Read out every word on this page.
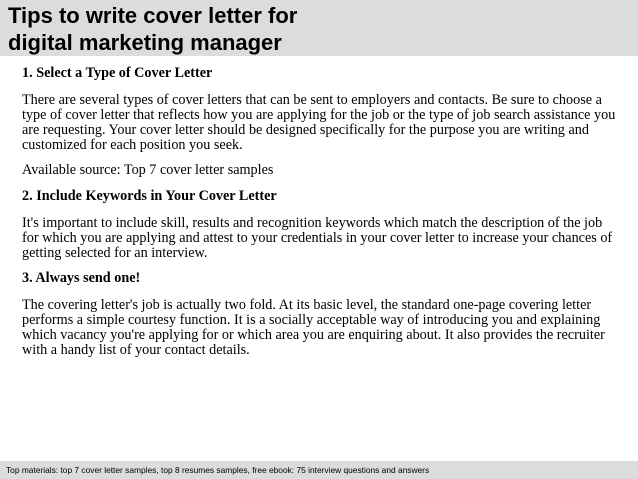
Tips to write cover letter for
digital marketing manager

1. Select a Type of Cover Letter

There are several types of cover letters that can be sent to employers and contacts. Be sure to choose a type of cover letter that reflects how you are applying for the job or the type of job search assistance you are requesting. Your cover letter should be designed specifically for the purpose you are writing and customized for each position you seek.

Available source: Top 7 cover letter samples

2. Include Keywords in Your Cover Letter

It's important to include skill, results and recognition keywords which match the description of the job for which you are applying and attest to your credentials in your cover letter to increase your chances of getting selected for an interview.

3. Always send one!

The covering letter's job is actually two fold. At its basic level, the standard one-page covering letter performs a simple courtesy function. It is a socially acceptable way of introducing you and explaining which vacancy you're applying for or which area you are enquiring about. It also provides the recruiter with a handy list of your contact details.

Top materials: top 7 cover letter samples, top 8 resumes samples, free ebook: 75 interview questions and answers
